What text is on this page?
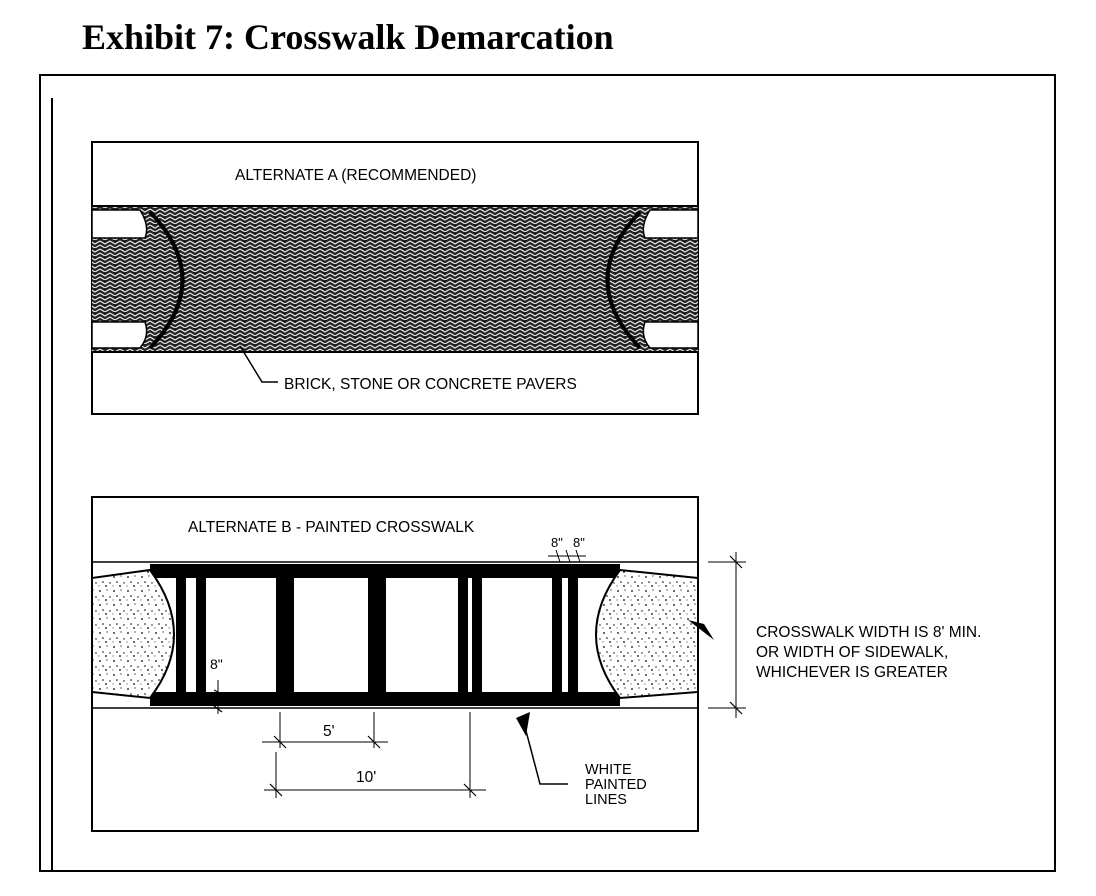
Exhibit 7: Crosswalk Demarcation
ALTERNATE A (RECOMMENDED)
BRICK, STONE OR CONCRETE PAVERS
ALTERNATE B - PAINTED CROSSWALK
8" 8"
8"
5'
10'
CROSSWALK WIDTH IS 8' MIN.
OR WIDTH OF SIDEWALK,
WHICHEVER IS GREATER
WHITE
PAINTED
LINES
